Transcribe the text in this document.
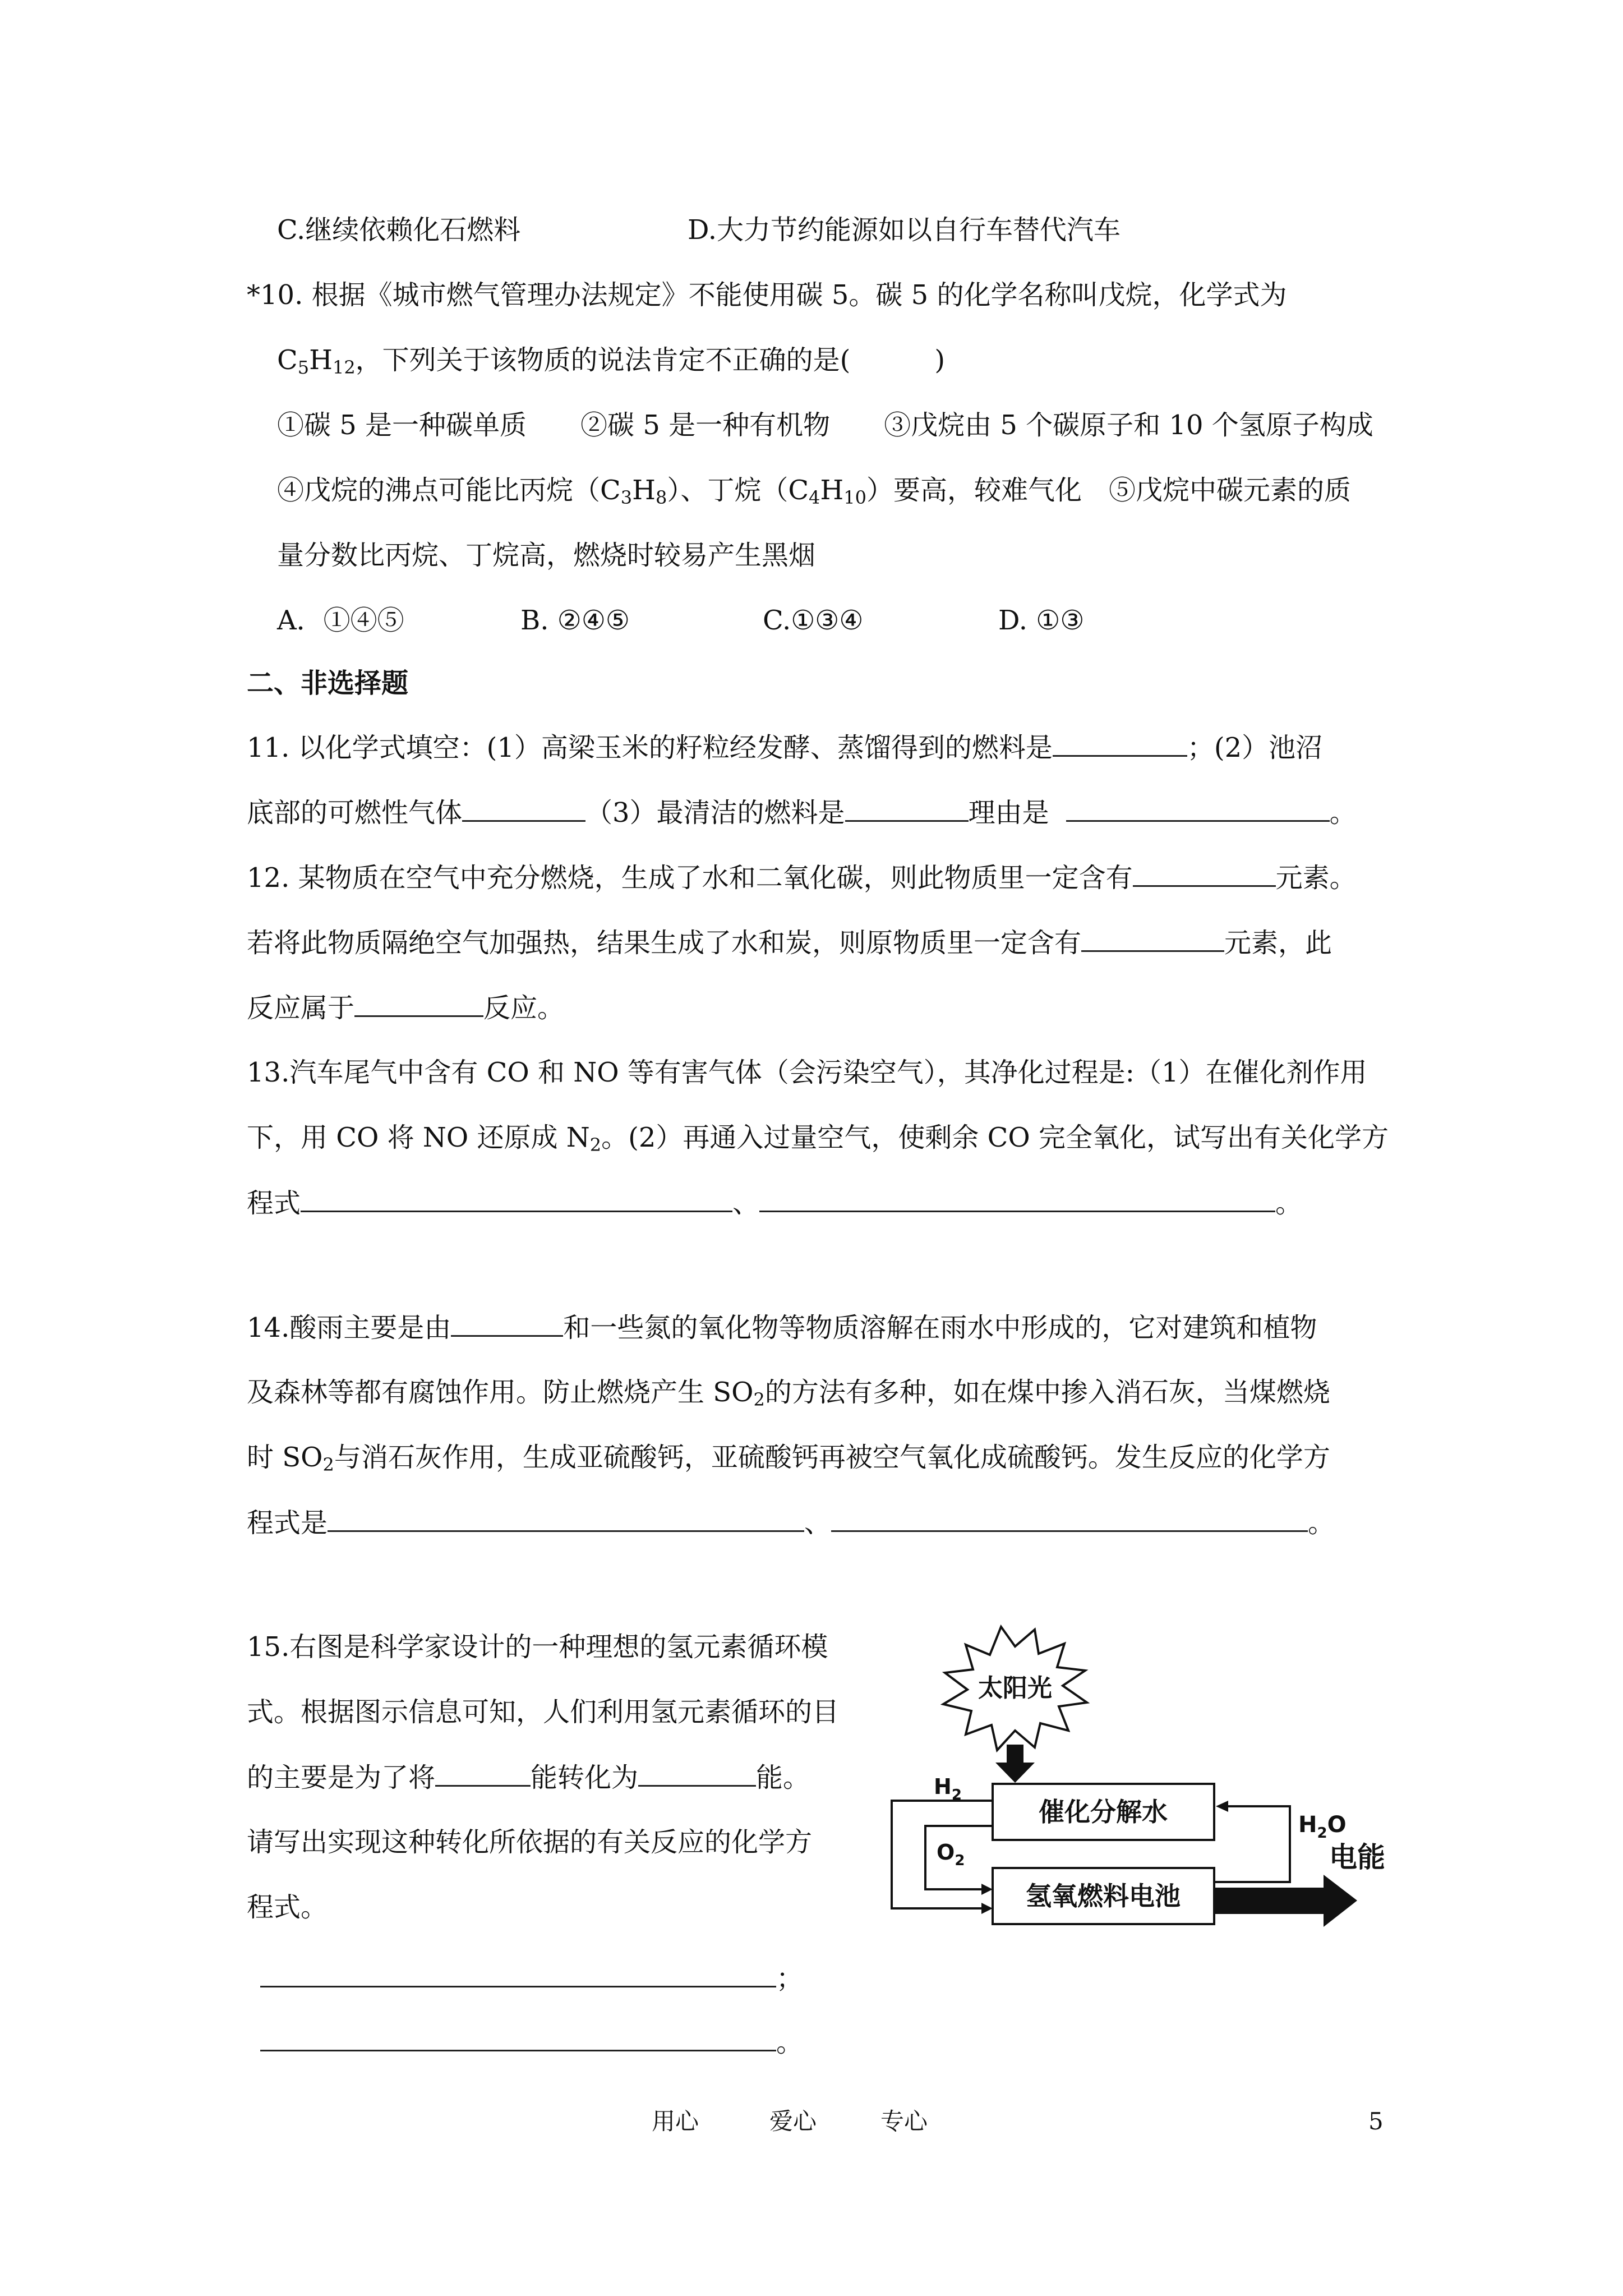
C.继续依赖化石燃料	D.大力节约能源如以自行车替代汽车
*10. 根据《城市燃气管理办法规定》不能使用碳 5。碳 5 的化学名称叫戊烷，化学式为
$C_5H_{12}$，下列关于该物质的说法肯定不正确的是(	)
①碳 5 是一种碳单质　　②碳 5 是一种有机物　　③戊烷由 5 个碳原子和 10 个氢原子构成
④戊烷的沸点可能比丙烷$(C_3H_8)$、丁烷$(C_4H_{10})$要高，较难气化　⑤戊烷中碳元素的质
量分数比丙烷、丁烷高，燃烧时较易产生黑烟
A．①④⑤	B. ②④⑤	C.①③④	D. ①③
二、非选择题
11. 以化学式填空：(1）高梁玉米的籽粒经发酵、蒸馏得到的燃料是	；(2）池沼
底部的可燃性气体	（3）最清洁的燃料是	理由是	。
12. 某物质在空气中充分燃烧，生成了水和二氧化碳，则此物质里一定含有	元素。
若将此物质隔绝空气加强热，结果生成了水和炭，则原物质里一定含有	元素，此
反应属于	反应。
13.汽车尾气中含有 CO 和 NO 等有害气体（会污染空气），其净化过程是:（1）在催化剂作用
下，用 CO 将 NO 还原成 $N_2$。(2）再通入过量空气，使剩余 CO 完全氧化，试写出有关化学方
程式	、	。
14.酸雨主要是由	和一些氮的氧化物等物质溶解在雨水中形成的，它对建筑和植物
及森林等都有腐蚀作用。防止燃烧产生 $SO_2$的方法有多种，如在煤中掺入消石灰，当煤燃烧
时 $SO_2$与消石灰作用，生成亚硫酸钙，亚硫酸钙再被空气氧化成硫酸钙。发生反应的化学方
程式是	、	。
15.右图是科学家设计的一种理想的氢元素循环模
式。根据图示信息可知，人们利用氢元素循环的目
的主要是为了将	能转化为	能。
请写出实现这种转化所依据的有关反应的化学方
程式。
；
。
太阳光
催化分解水
氢氧燃料电池
$H_2$
$O_2$
$H_2O$
电能
用心	爱心	专心	5
